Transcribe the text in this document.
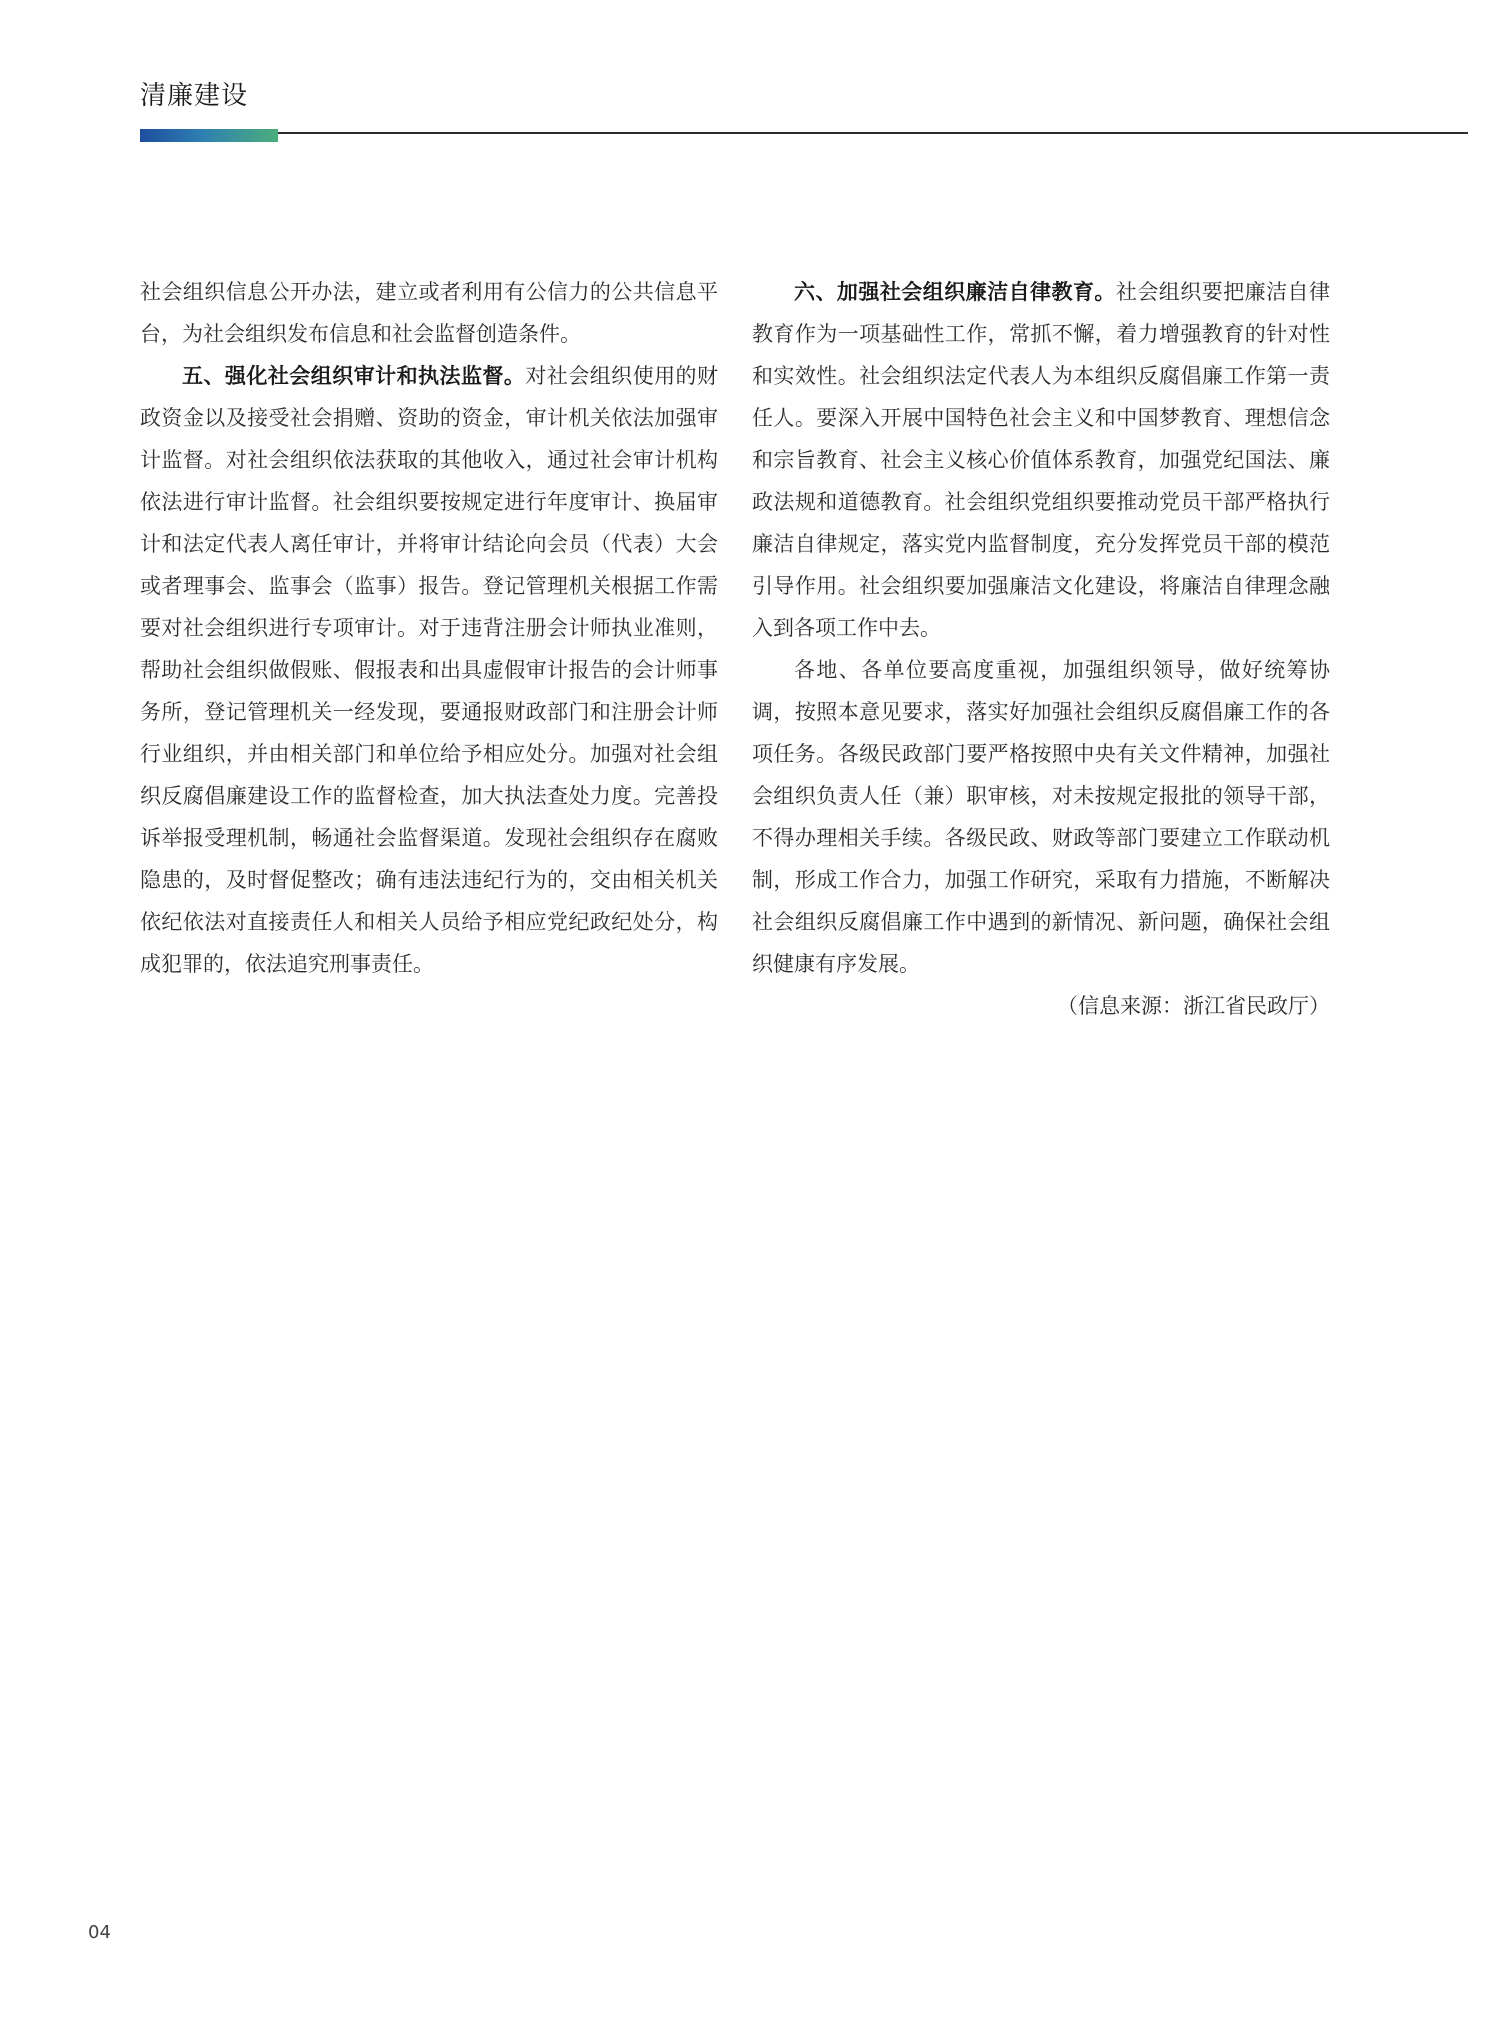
清廉建设

社会组织信息公开办法，建立或者利用有公信力的公共信息平台，为社会组织发布信息和社会监督创造条件。

五、强化社会组织审计和执法监督。对社会组织使用的财政资金以及接受社会捐赠、资助的资金，审计机关依法加强审计监督。对社会组织依法获取的其他收入，通过社会审计机构依法进行审计监督。社会组织要按规定进行年度审计、换届审计和法定代表人离任审计，并将审计结论向会员（代表）大会或者理事会、监事会（监事）报告。登记管理机关根据工作需要对社会组织进行专项审计。对于违背注册会计师执业准则，帮助社会组织做假账、假报表和出具虚假审计报告的会计师事务所，登记管理机关一经发现，要通报财政部门和注册会计师行业组织，并由相关部门和单位给予相应处分。加强对社会组织反腐倡廉建设工作的监督检查，加大执法查处力度。完善投诉举报受理机制，畅通社会监督渠道。发现社会组织存在腐败隐患的，及时督促整改；确有违法违纪行为的，交由相关机关依纪依法对直接责任人和相关人员给予相应党纪政纪处分，构成犯罪的，依法追究刑事责任。

六、加强社会组织廉洁自律教育。社会组织要把廉洁自律教育作为一项基础性工作，常抓不懈，着力增强教育的针对性和实效性。社会组织法定代表人为本组织反腐倡廉工作第一责任人。要深入开展中国特色社会主义和中国梦教育、理想信念和宗旨教育、社会主义核心价值体系教育，加强党纪国法、廉政法规和道德教育。社会组织党组织要推动党员干部严格执行廉洁自律规定，落实党内监督制度，充分发挥党员干部的模范引导作用。社会组织要加强廉洁文化建设，将廉洁自律理念融入到各项工作中去。

各地、各单位要高度重视，加强组织领导，做好统筹协调，按照本意见要求，落实好加强社会组织反腐倡廉工作的各项任务。各级民政部门要严格按照中央有关文件精神，加强社会组织负责人任（兼）职审核，对未按规定报批的领导干部，不得办理相关手续。各级民政、财政等部门要建立工作联动机制，形成工作合力，加强工作研究，采取有力措施，不断解决社会组织反腐倡廉工作中遇到的新情况、新问题，确保社会组织健康有序发展。

（信息来源：浙江省民政厅）

04
